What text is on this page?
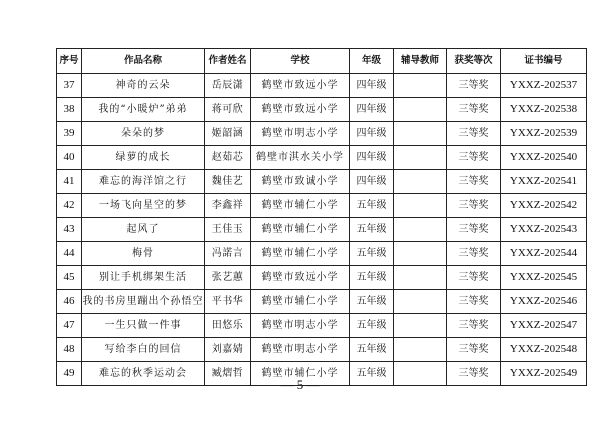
序号	作品名称	作者姓名	学校	年级	辅导教师	获奖等次	证书编号
37	神奇的云朵	岳辰潇	鹤壁市致远小学	四年级		三等奖	YXXZ-202537
38	我的“小暖炉”弟弟	蒋可欣	鹤壁市致远小学	四年级		三等奖	YXXZ-202538
39	朵朵的梦	姬韶涵	鹤壁市明志小学	四年级		三等奖	YXXZ-202539
40	绿萝的成长	赵茹芯	鹤壁市淇水关小学	四年级		三等奖	YXXZ-202540
41	难忘的海洋馆之行	魏佳艺	鹤壁市致诚小学	四年级		三等奖	YXXZ-202541
42	一场飞向星空的梦	李鑫祥	鹤壁市辅仁小学	五年级		三等奖	YXXZ-202542
43	起风了	王佳玉	鹤壁市辅仁小学	五年级		三等奖	YXXZ-202543
44	梅骨	冯諾言	鹤壁市辅仁小学	五年级		三等奖	YXXZ-202544
45	别让手机绑架生活	张艺蕙	鹤壁市致远小学	五年级		三等奖	YXXZ-202545
46	我的书房里蹦出个孙悟空	平书华	鹤壁市辅仁小学	五年级		三等奖	YXXZ-202546
47	一生只做一件事	田悠乐	鹤壁市明志小学	五年级		三等奖	YXXZ-202547
48	写给李白的回信	刘嘉婧	鹤壁市明志小学	五年级		三等奖	YXXZ-202548
49	难忘的秋季运动会	臧熠哲	鹤壁市辅仁小学	五年级		三等奖	YXXZ-202549
— 5 —
